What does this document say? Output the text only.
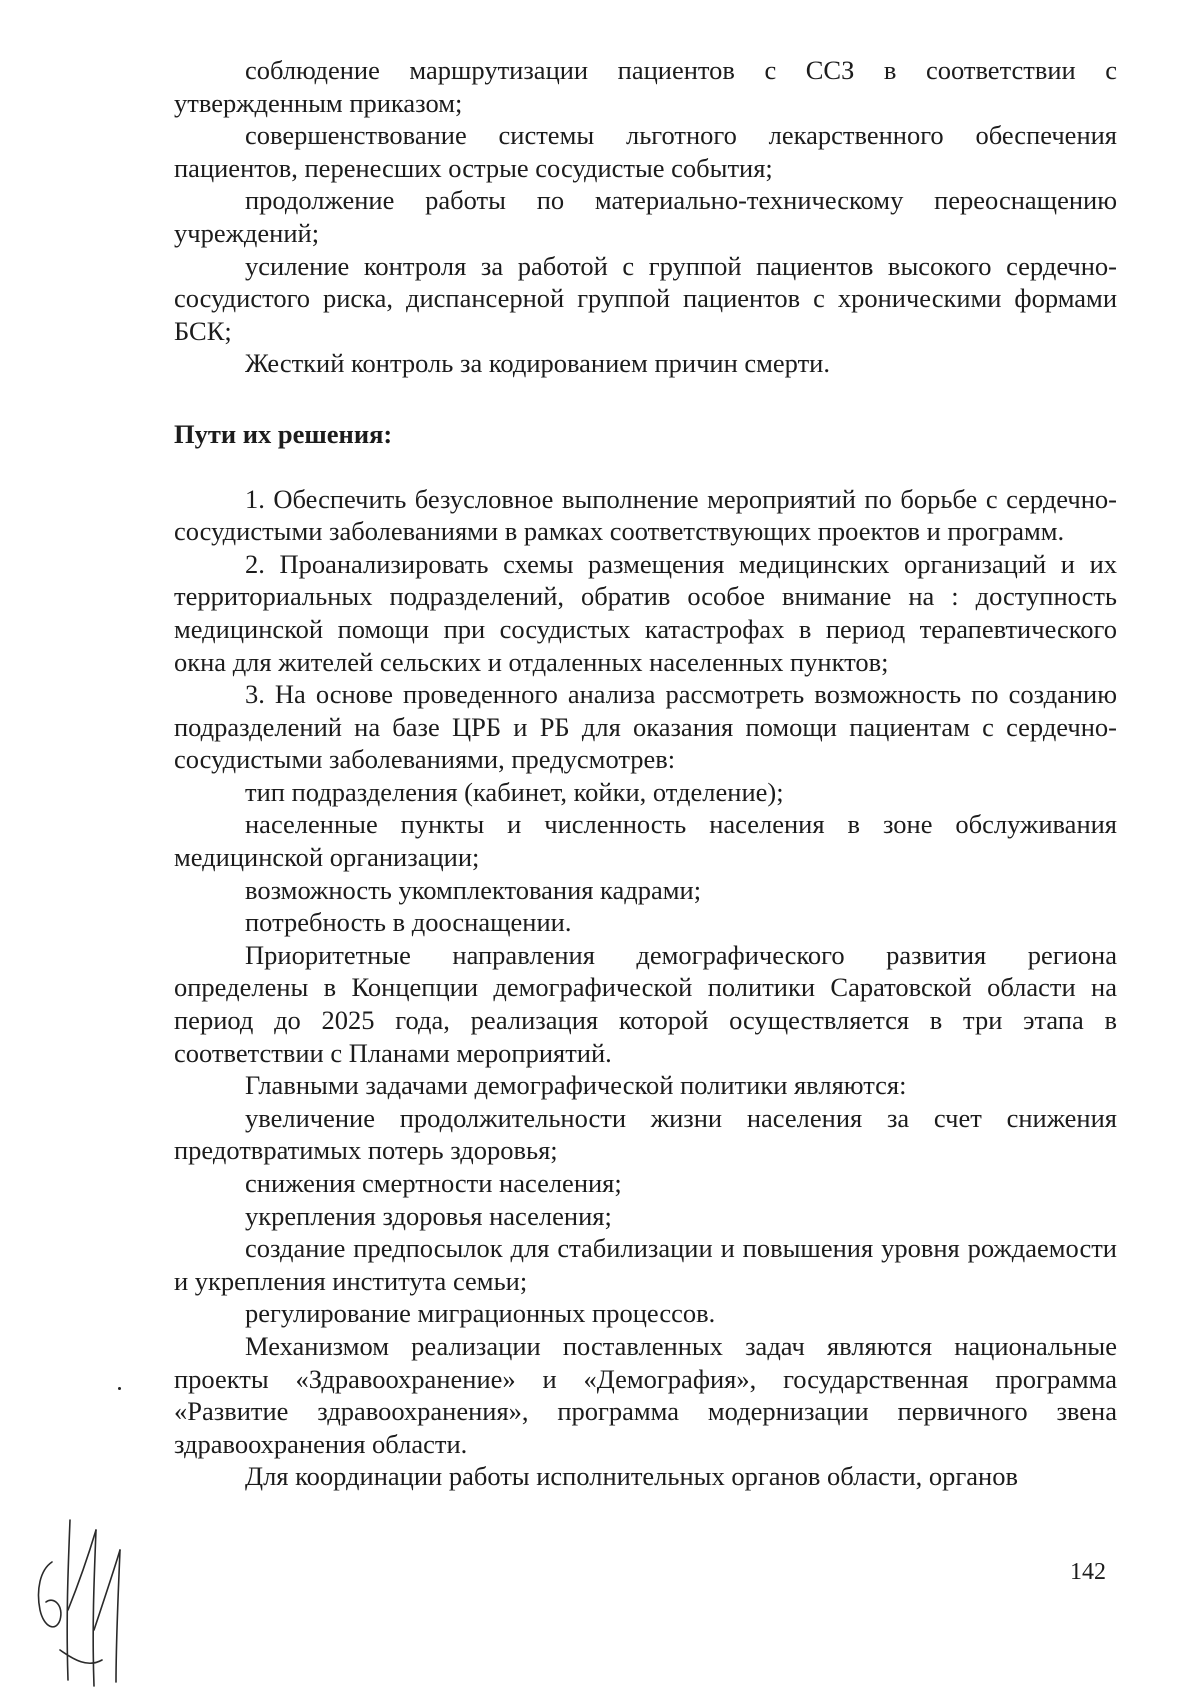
соблюдение маршрутизации пациентов с ССЗ в соответствии с утвержденным приказом;

совершенствование системы льготного лекарственного обеспечения пациентов, перенесших острые сосудистые события;

продолжение работы по материально-техническому переоснащению учреждений;

усиление контроля за работой с группой пациентов высокого сердечно-сосудистого риска, диспансерной группой пациентов с хроническими формами БСК;

Жесткий контроль за кодированием причин смерти.

Пути их решения:

1. Обеспечить безусловное выполнение мероприятий по борьбе с сердечно-сосудистыми заболеваниями в рамках соответствующих проектов и программ.

2. Проанализировать схемы размещения медицинских организаций и их территориальных подразделений, обратив особое внимание на : доступность медицинской помощи при сосудистых катастрофах в период терапевтического окна для жителей сельских и отдаленных населенных пунктов;

3. На основе проведенного анализа рассмотреть возможность по созданию подразделений на базе ЦРБ и РБ для оказания помощи пациентам с сердечно-сосудистыми заболеваниями, предусмотрев:

тип подразделения (кабинет, койки, отделение);

населенные пункты и численность населения в зоне обслуживания медицинской организации;

возможность укомплектования кадрами;

потребность в дооснащении.

Приоритетные направления демографического развития региона определены в Концепции демографической политики Саратовской области на период до 2025 года, реализация которой осуществляется в три этапа в соответствии с Планами мероприятий.

Главными задачами демографической политики являются:

увеличение продолжительности жизни населения за счет снижения предотвратимых потерь здоровья;

снижения смертности населения;

укрепления здоровья населения;

создание предпосылок для стабилизации и повышения уровня рождаемости и укрепления института семьи;

регулирование миграционных процессов.

Механизмом реализации поставленных задач являются национальные проекты «Здравоохранение» и «Демография», государственная программа «Развитие здравоохранения», программа модернизации первичного звена здравоохранения области.

Для координации работы исполнительных органов области, органов

142
